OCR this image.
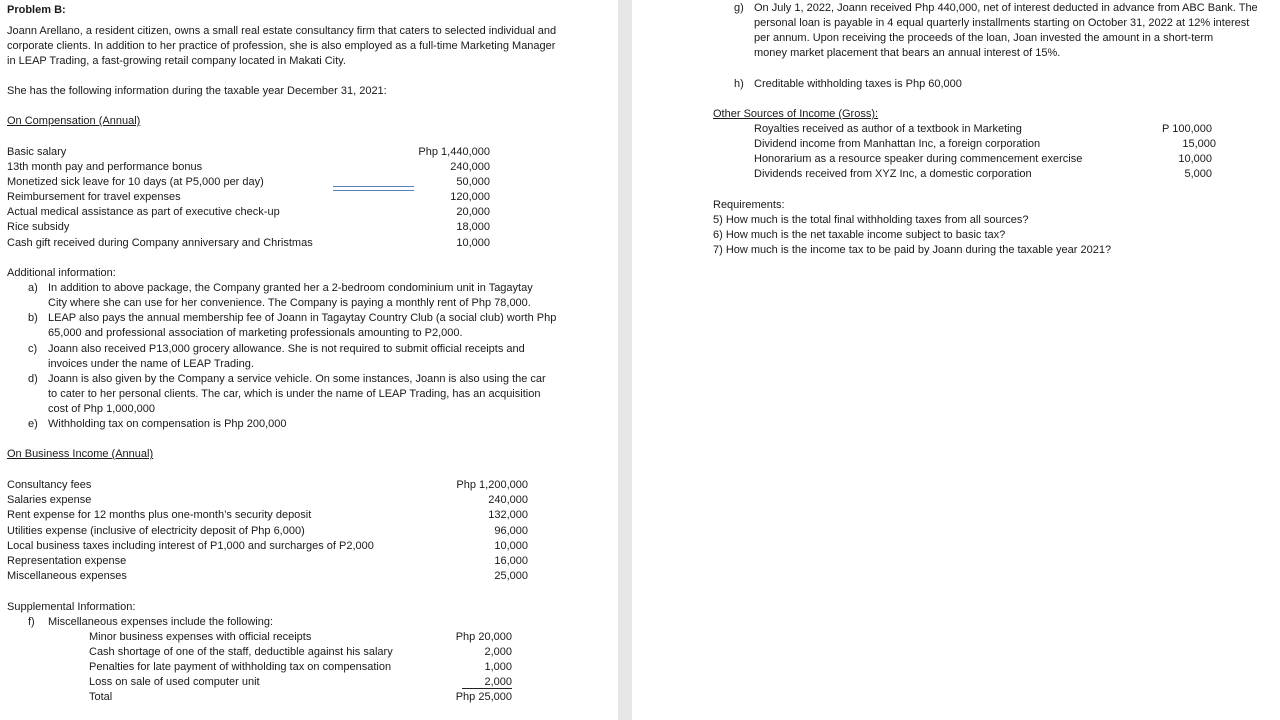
Problem B:
Joann Arellano, a resident citizen, owns a small real estate consultancy firm that caters to selected individual and corporate clients. In addition to her practice of profession, she is also employed as a full-time Marketing Manager in LEAP Trading, a fast-growing retail company located in Makati City.
She has the following information during the taxable year December 31, 2021:
On Compensation (Annual)
Basic salary	Php 1,440,000
13th month pay and performance bonus	240,000
Monetized sick leave for 10 days (at P5,000 per day)	50,000
Reimbursement for travel expenses	120,000
Actual medical assistance as part of executive check-up	20,000
Rice subsidy	18,000
Cash gift received during Company anniversary and Christmas	10,000
Additional information:
a) In addition to above package, the Company granted her a 2-bedroom condominium unit in Tagaytay
City where she can use for her convenience. The Company is paying a monthly rent of Php 78,000.
b) LEAP also pays the annual membership fee of Joann in Tagaytay Country Club (a social club) worth Php
65,000 and professional association of marketing professionals amounting to P2,000.
c) Joann also received P13,000 grocery allowance. She is not required to submit official receipts and
invoices under the name of LEAP Trading.
d) Joann is also given by the Company a service vehicle. On some instances, Joann is also using the car
to cater to her personal clients. The car, which is under the name of LEAP Trading, has an acquisition
cost of Php 1,000,000
e) Withholding tax on compensation is Php 200,000
On Business Income (Annual)
Consultancy fees	Php 1,200,000
Salaries expense	240,000
Rent expense for 12 months plus one-month’s security deposit	132,000
Utilities expense (inclusive of electricity deposit of Php 6,000)	96,000
Local business taxes including interest of P1,000 and surcharges of P2,000	10,000
Representation expense	16,000
Miscellaneous expenses	25,000
Supplemental Information:
f) Miscellaneous expenses include the following:
Minor business expenses with official receipts	Php 20,000
Cash shortage of one of the staff, deductible against his salary	2,000
Penalties for late payment of withholding tax on compensation	1,000
Loss on sale of used computer unit	2,000
Total	Php 25,000
g) On July 1, 2022, Joann received Php 440,000, net of interest deducted in advance from ABC Bank. The
personal loan is payable in 4 equal quarterly installments starting on October 31, 2022 at 12% interest
per annum. Upon receiving the proceeds of the loan, Joan invested the amount in a short-term
money market placement that bears an annual interest of 15%.
h) Creditable withholding taxes is Php 60,000
Other Sources of Income (Gross):
Royalties received as author of a textbook in Marketing	P 100,000
Dividend income from Manhattan Inc, a foreign corporation	15,000
Honorarium as a resource speaker during commencement exercise	10,000
Dividends received from XYZ Inc, a domestic corporation	5,000
Requirements:
5) How much is the total final withholding taxes from all sources?
6) How much is the net taxable income subject to basic tax?
7) How much is the income tax to be paid by Joann during the taxable year 2021?
